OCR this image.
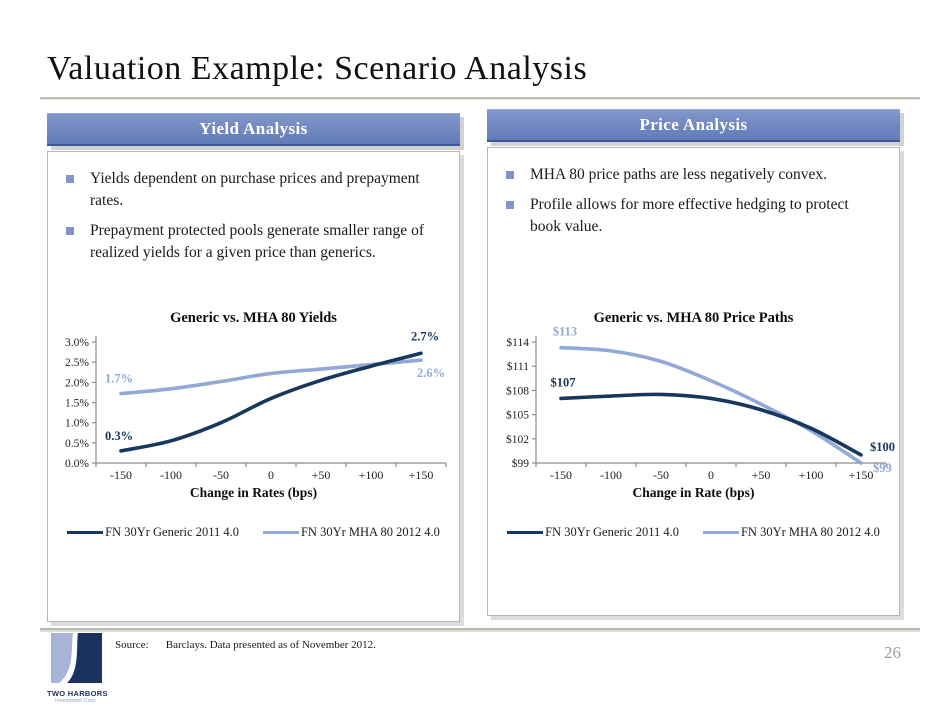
Valuation Example: Scenario Analysis
Yield Analysis
Yields dependent on purchase prices and prepayment rates.
Prepayment protected pools generate smaller range of realized yields for a given price than generics.
Generic vs. MHA 80 Yields
0.0%
0.5%
1.0%
1.5%
2.0%
2.5%
3.0%
-150 -100	-50	0	+50 +100 +150
0.3%
1.7%
2.7%
2.6%
Change in Rates (bps)
FN 30Yr Generic 2011 4.0	FN 30Yr MHA 80 2012 4.0
Price Analysis
MHA 80 price paths are less negatively convex.
Profile allows for more effective hedging to protect book value.
Generic vs. MHA 80 Price Paths
$99
$102
$105
$108
$111
$114
-150 -100	-50	0	+50 +100 +150
$113
$107
$100
$99
Change in Rate (bps)
FN 30Yr Generic 2011 4.0	FN 30Yr MHA 80 2012 4.0
TWO HARBORS
Investment Corp.
Source: Barclays. Data presented as of November 2012.	26
